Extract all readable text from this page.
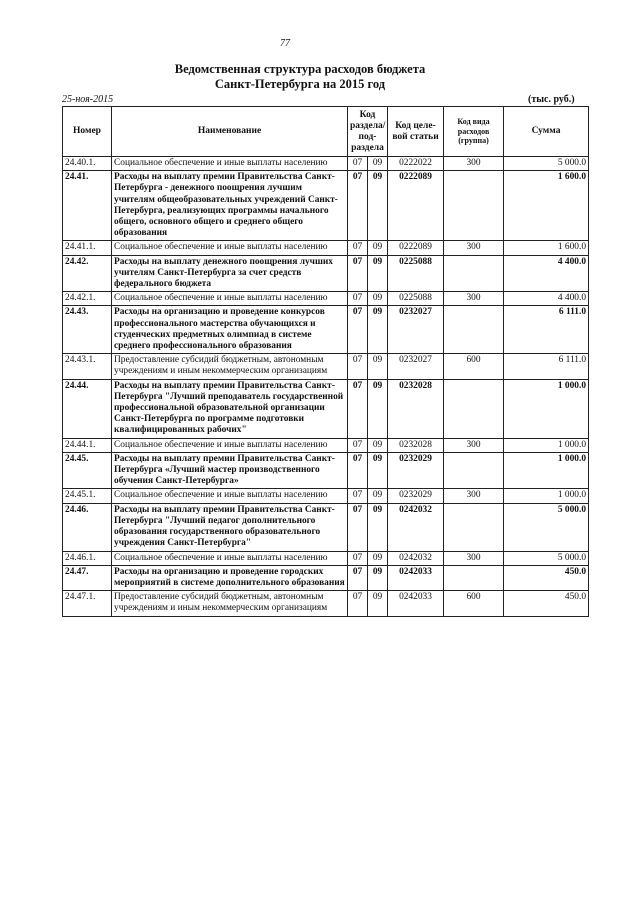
77
Ведомственная структура расходов бюджета
Санкт-Петербурга на 2015 год
25-ноя-2015	(тыс. руб.)
Номер	Наименование	Код раздела/ под- раздела		Код целе- вой статьи	Код вида расходов (группа)	Сумма
24.40.1.	Социальное обеспечение и иные выплаты населению	07	09	0222022	300	5 000.0
24.41.	Расходы на выплату премии Правительства Санкт-Петербурга - денежного поощрения лучшим учителям общеобразовательных учреждений Санкт-Петербурга, реализующих программы начального общего, основного общего и среднего общего образования	07	09	0222089		1 600.0
24.41.1.	Социальное обеспечение и иные выплаты населению	07	09	0222089	300	1 600.0
24.42.	Расходы на выплату денежного поощрения лучших учителям Санкт-Петербурга за счет средств федерального бюджета	07	09	0225088		4 400.0
24.42.1.	Социальное обеспечение и иные выплаты населению	07	09	0225088	300	4 400.0
24.43.	Расходы на организацию и проведение конкурсов профессионального мастерства обучающихся и студенческих предметных олимпиад в системе среднего профессионального образования	07	09	0232027		6 111.0
24.43.1.	Предоставление субсидий бюджетным, автономным учреждениям и иным некоммерческим организациям	07	09	0232027	600	6 111.0
24.44.	Расходы на выплату премии Правительства Санкт-Петербурга "Лучший преподаватель государственной профессиональной образовательной организации Санкт-Петербурга по программе подготовки квалифицированных рабочих"	07	09	0232028		1 000.0
24.44.1.	Социальное обеспечение и иные выплаты населению	07	09	0232028	300	1 000.0
24.45.	Расходы на выплату премии Правительства Санкт-Петербурга «Лучший мастер производственного обучения Санкт-Петербурга»	07	09	0232029		1 000.0
24.45.1.	Социальное обеспечение и иные выплаты населению	07	09	0232029	300	1 000.0
24.46.	Расходы на выплату премии Правительства Санкт-Петербурга "Лучший педагог дополнительного образования государственного образовательного учреждения Санкт-Петербурга"	07	09	0242032		5 000.0
24.46.1.	Социальное обеспечение и иные выплаты населению	07	09	0242032	300	5 000.0
24.47.	Расходы на организацию и проведение городских мероприятий в системе дополнительного образования	07	09	0242033		450.0
24.47.1.	Предоставление субсидий бюджетным, автономным учреждениям и иным некоммерческим организациям	07	09	0242033	600	450.0
